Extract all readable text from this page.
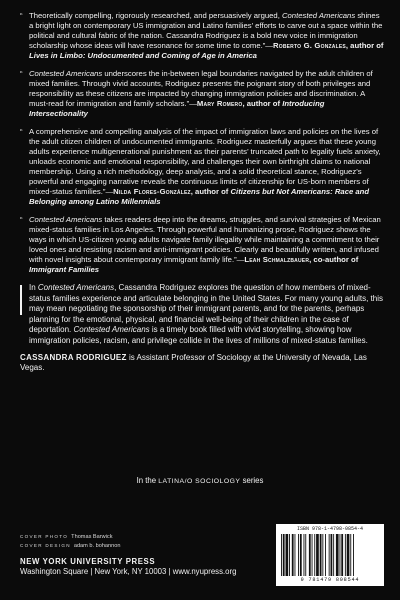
“ Theoretically compelling, rigorously researched, and persuasively argued, Contested Americans shines a bright light on contemporary US immigration and Latino families’ efforts to carve out a space within the political and cultural fabric of the nation. Cassandra Rodriguez is a bold new voice in immigration scholarship whose ideas will have resonance for some time to come.”—Roberto G. Gonzales, author of Lives in Limbo: Undocumented and Coming of Age in America

“ Contested Americans underscores the in-between legal boundaries navigated by the adult children of mixed families. Through vivid accounts, Rodriguez presents the poignant story of both privileges and responsibility as these citizens are impacted by changing immigration policies and discrimination. A must-read for immigration and family scholars.”—Mary Romero, author of Introducing Intersectionality

“ A comprehensive and compelling analysis of the impact of immigration laws and policies on the lives of the adult citizen children of undocumented immigrants. Rodriguez masterfully argues that these young adults experience multigenerational punishment as their parents’ truncated path to legality fuels anxiety, unloads economic and emotional responsibility, and challenges their own birthright claims to national membership. Using a rich methodology, deep analysis, and a solid theoretical stance, Rodriguez’s powerful and engaging narrative reveals the continuous limits of citizenship for US-born members of mixed-status families.”—Nilda Flores-González, author of Citizens but Not Americans: Race and Belonging among Latino Millennials

“ Contested Americans takes readers deep into the dreams, struggles, and survival strategies of Mexican mixed-status families in Los Angeles. Through powerful and humanizing prose, Rodriguez shows the ways in which US-citizen young adults navigate family illegality while maintaining a commitment to their loved ones and resisting racism and anti-immigrant policies. Clearly and beautifully written, and infused with novel insights about contemporary immigrant family life.”—Leah Schmalzbauer, co-author of Immigrant Families

In Contested Americans, Cassandra Rodriguez explores the question of how members of mixed-status families experience and articulate belonging in the United States. For many young adults, this may mean negotiating the sponsorship of their immigrant parents, and for the parents, perhaps planning for the emotional, physical, and financial well-being of their children in the case of deportation. Contested Americans is a timely book filled with vivid storytelling, showing how immigration policies, racism, and privilege collide in the lives of millions of mixed-status families.
CASSANDRA RODRIGUEZ is Assistant Professor of Sociology at the University of Nevada, Las Vegas.
In the LATINA/O SOCIOLOGY series
COVER PHOTO Thomas Barwick
COVER DESIGN adam b. bohannon
NEW YORK UNIVERSITY PRESS
Washington Square | New York, NY 10003 | www.nyupress.org
ISBN 978-1-4798-0854-4
9 781479 808544
